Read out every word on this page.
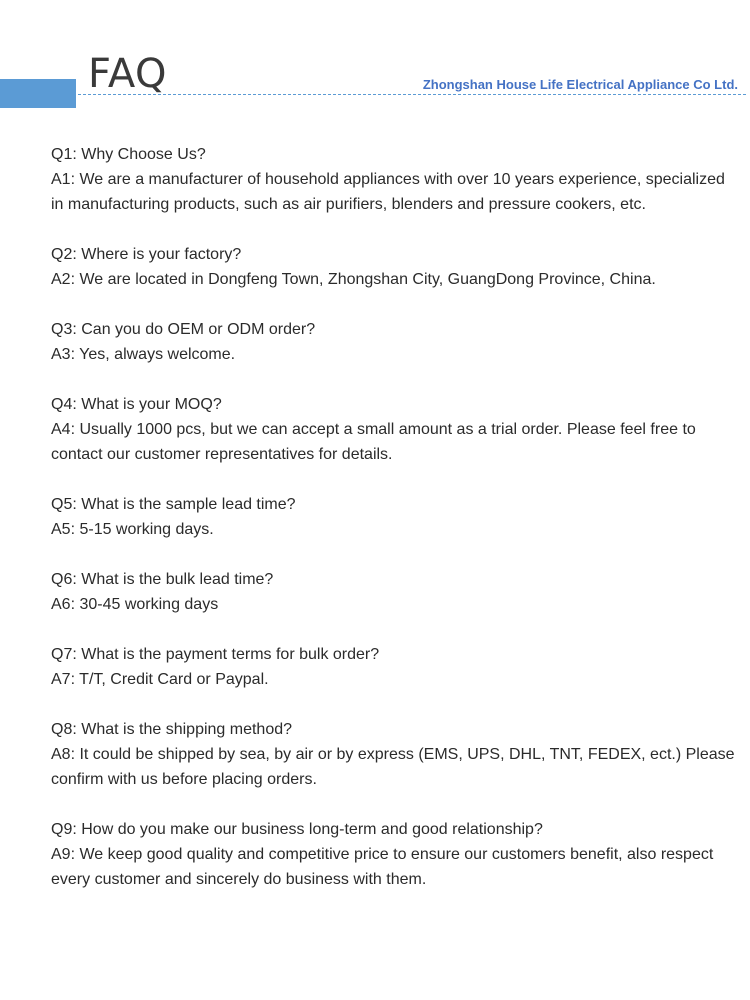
FAQ	Zhongshan House Life Electrical Appliance Co Ltd.
Q1: Why Choose Us?
A1: We are a manufacturer of household appliances with over 10 years experience, specialized in manufacturing products, such as air purifiers, blenders and pressure cookers, etc.
Q2: Where is your factory?
A2: We are located in Dongfeng Town, Zhongshan City, GuangDong Province, China.
Q3: Can you do OEM or ODM order?
A3: Yes, always welcome.
Q4: What is your MOQ?
A4: Usually 1000 pcs, but we can accept a small amount as a trial order. Please feel free to contact our customer representatives for details.
Q5: What is the sample lead time?
A5: 5-15 working days.
Q6: What is the bulk lead time?
A6: 30-45 working days
Q7: What is the payment terms for bulk order?
A7: T/T, Credit Card or Paypal.
Q8: What is the shipping method?
A8: It could be shipped by sea, by air or by express (EMS, UPS, DHL, TNT, FEDEX, ect.) Please confirm with us before placing orders.
Q9: How do you make our business long-term and good relationship?
A9: We keep good quality and competitive price to ensure our customers benefit, also respect every customer and sincerely do business with them.
